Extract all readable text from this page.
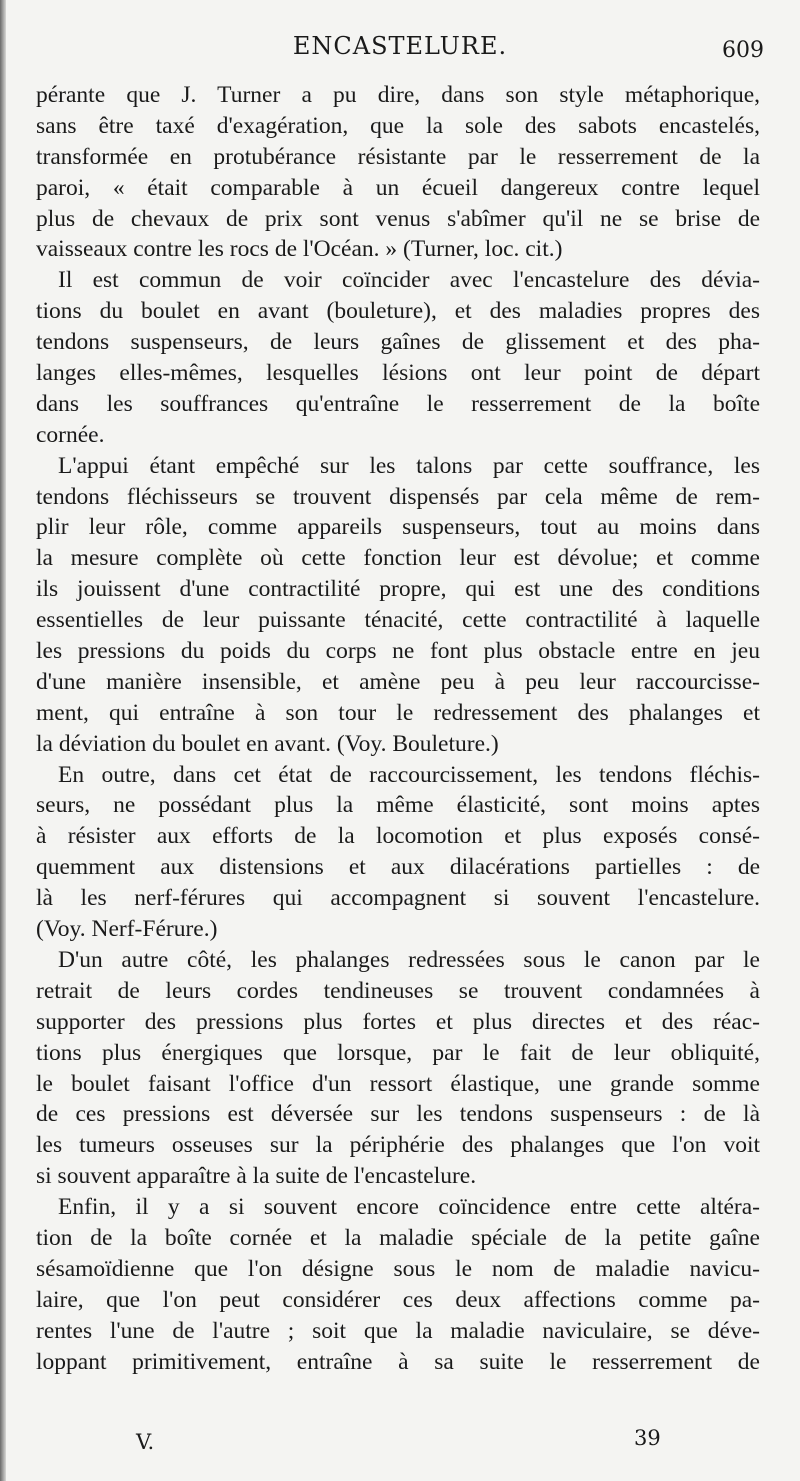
ENCASTELURE.	609
pérante que J. Turner a pu dire, dans son style métaphorique,
sans être taxé d'exagération, que la sole des sabots encastelés,
transformée en protubérance résistante par le resserrement de la
paroi, « était comparable à un écueil dangereux contre lequel
plus de chevaux de prix sont venus s'abîmer qu'il ne se brise de
vaisseaux contre les rocs de l'Océan. » (Turner, loc. cit.)
Il est commun de voir coïncider avec l'encastelure des dévia-
tions du boulet en avant (bouleture), et des maladies propres des
tendons suspenseurs, de leurs gaînes de glissement et des pha-
langes elles-mêmes, lesquelles lésions ont leur point de départ
dans les souffrances qu'entraîne le resserrement de la boîte
cornée.
L'appui étant empêché sur les talons par cette souffrance, les
tendons fléchisseurs se trouvent dispensés par cela même de rem-
plir leur rôle, comme appareils suspenseurs, tout au moins dans
la mesure complète où cette fonction leur est dévolue; et comme
ils jouissent d'une contractilité propre, qui est une des conditions
essentielles de leur puissante ténacité, cette contractilité à laquelle
les pressions du poids du corps ne font plus obstacle entre en jeu
d'une manière insensible, et amène peu à peu leur raccourcisse-
ment, qui entraîne à son tour le redressement des phalanges et
la déviation du boulet en avant. (Voy. Bouleture.)
En outre, dans cet état de raccourcissement, les tendons fléchis-
seurs, ne possédant plus la même élasticité, sont moins aptes
à résister aux efforts de la locomotion et plus exposés consé-
quemment aux distensions et aux dilacérations partielles : de
là les nerf-férures qui accompagnent si souvent l'encastelure.
(Voy. Nerf-Férure.)
D'un autre côté, les phalanges redressées sous le canon par le
retrait de leurs cordes tendineuses se trouvent condamnées à
supporter des pressions plus fortes et plus directes et des réac-
tions plus énergiques que lorsque, par le fait de leur obliquité,
le boulet faisant l'office d'un ressort élastique, une grande somme
de ces pressions est déversée sur les tendons suspenseurs : de là
les tumeurs osseuses sur la périphérie des phalanges que l'on voit
si souvent apparaître à la suite de l'encastelure.
Enfin, il y a si souvent encore coïncidence entre cette altéra-
tion de la boîte cornée et la maladie spéciale de la petite gaîne
sésamoïdienne que l'on désigne sous le nom de maladie navicu-
laire, que l'on peut considérer ces deux affections comme pa-
rentes l'une de l'autre ; soit que la maladie naviculaire, se déve-
loppant primitivement, entraîne à sa suite le resserrement de
V.	39
